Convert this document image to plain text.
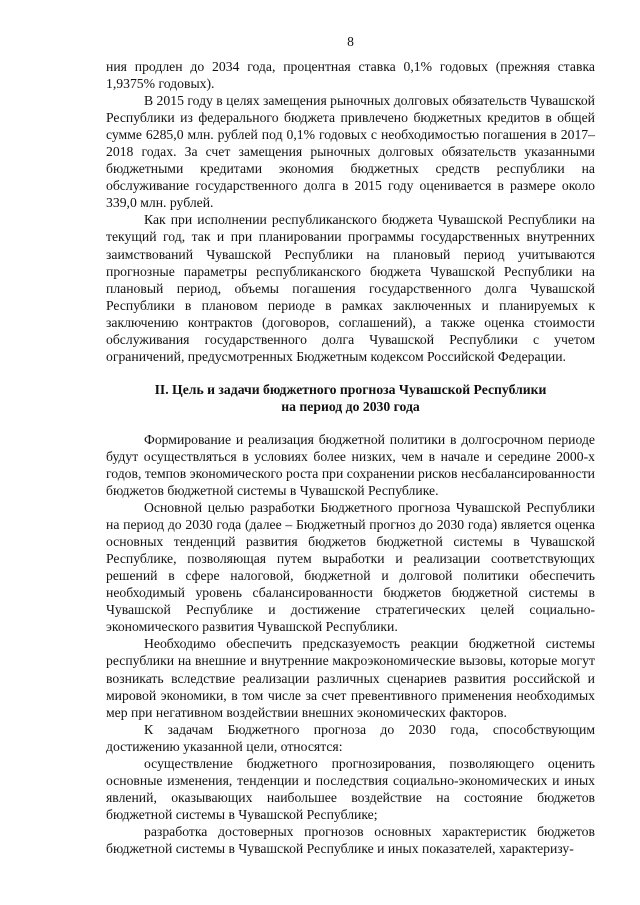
8

ния продлен до 2034 года, процентная ставка 0,1% годовых (прежняя ставка 1,9375% годовых).

В 2015 году в целях замещения рыночных долговых обязательств Чувашской Республики из федерального бюджета привлечено бюджетных кредитов в общей сумме 6285,0 млн. рублей под 0,1% годовых с необходимостью погашения в 2017–2018 годах. За счет замещения рыночных долговых обязательств указанными бюджетными кредитами экономия бюджетных средств республики на обслуживание государственного долга в 2015 году оценивается в размере около 339,0 млн. рублей.

Как при исполнении республиканского бюджета Чувашской Республики на текущий год, так и при планировании программы государственных внутренних заимствований Чувашской Республики на плановый период учитываются прогнозные параметры республиканского бюджета Чувашской Республики на плановый период, объемы погашения государственного долга Чувашской Республики в плановом периоде в рамках заключенных и планируемых к заключению контрактов (договоров, соглашений), а также оценка стоимости обслуживания государственного долга Чувашской Республики с учетом ограничений, предусмотренных Бюджетным кодексом Российской Федерации.

II. Цель и задачи бюджетного прогноза Чувашской Республики
на период до 2030 года

Формирование и реализация бюджетной политики в долгосрочном периоде будут осуществляться в условиях более низких, чем в начале и середине 2000-х годов, темпов экономического роста при сохранении рисков несбалансированности бюджетов бюджетной системы в Чувашской Республике.

Основной целью разработки Бюджетного прогноза Чувашской Республики на период до 2030 года (далее – Бюджетный прогноз до 2030 года) является оценка основных тенденций развития бюджетов бюджетной системы в Чувашской Республике, позволяющая путем выработки и реализации соответствующих решений в сфере налоговой, бюджетной и долговой политики обеспечить необходимый уровень сбалансированности бюджетов бюджетной системы в Чувашской Республике и достижение стратегических целей социально-экономического развития Чувашской Республики.

Необходимо обеспечить предсказуемость реакции бюджетной системы республики на внешние и внутренние макроэкономические вызовы, которые могут возникать вследствие реализации различных сценариев развития российской и мировой экономики, в том числе за счет превентивного применения необходимых мер при негативном воздействии внешних экономических факторов.

К задачам Бюджетного прогноза до 2030 года, способствующим достижению указанной цели, относятся:

осуществление бюджетного прогнозирования, позволяющего оценить основные изменения, тенденции и последствия социально-экономических и иных явлений, оказывающих наибольшее воздействие на состояние бюджетов бюджетной системы в Чувашской Республике;

разработка достоверных прогнозов основных характеристик бюджетов бюджетной системы в Чувашской Республике и иных показателей, характеризу-
